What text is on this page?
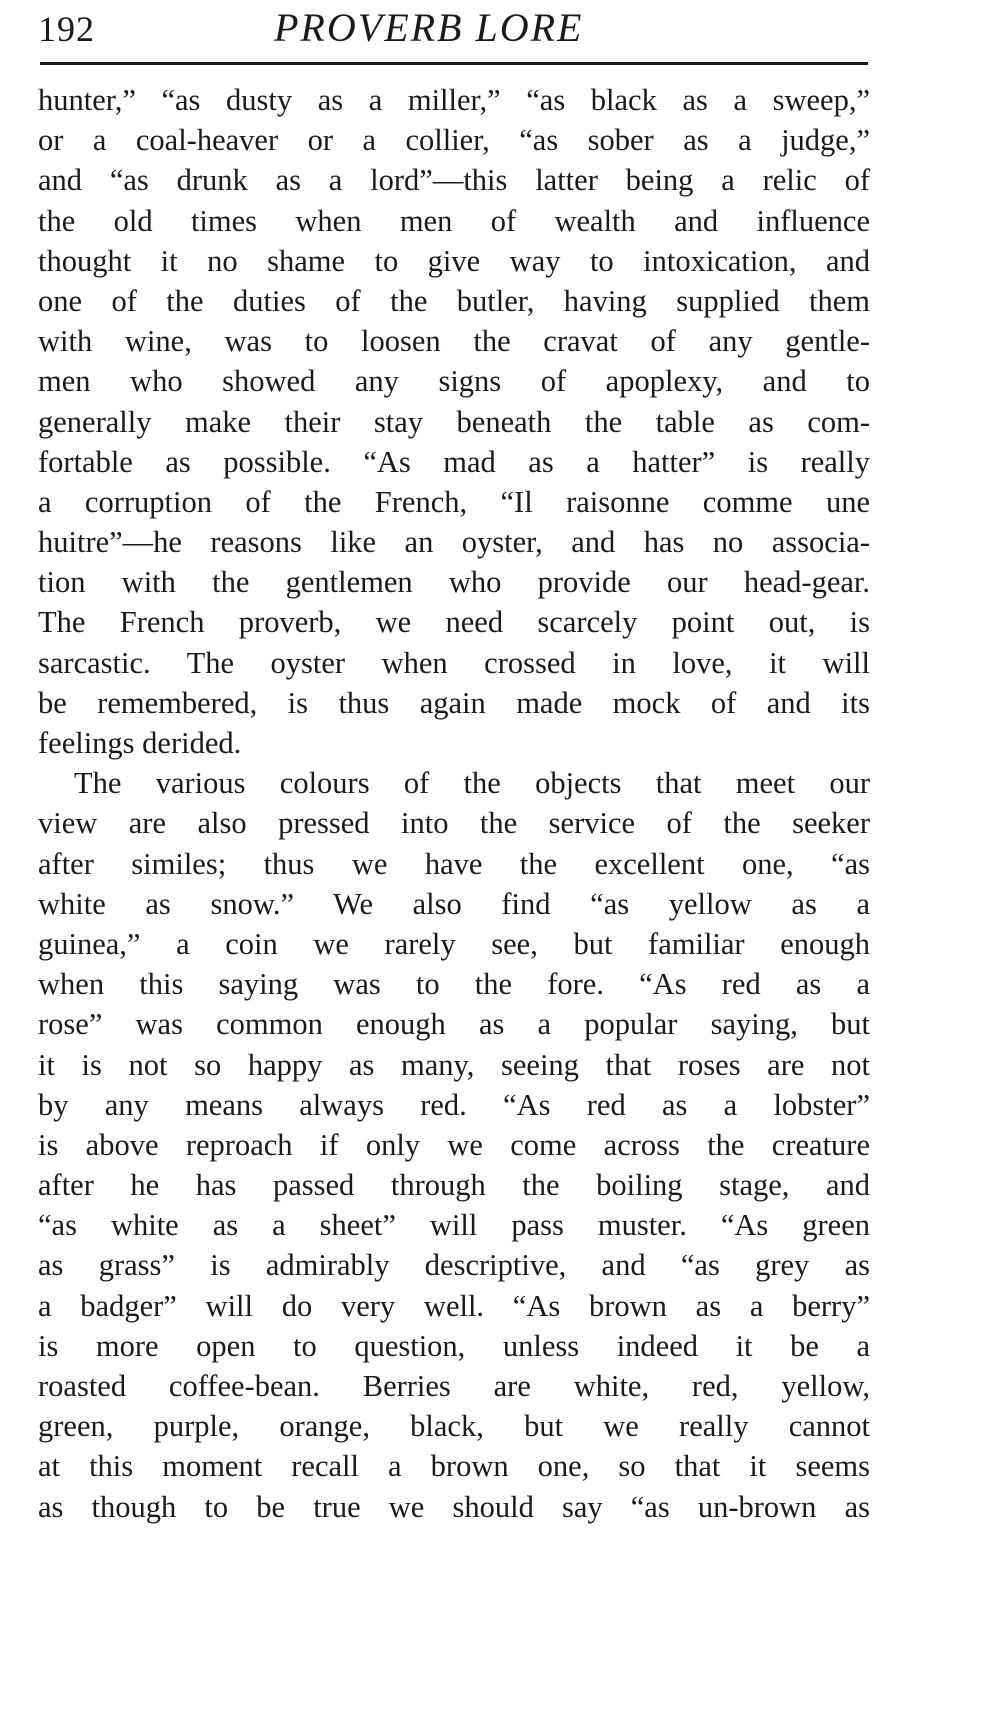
192	PROVERB LORE
hunter,” “as dusty as a miller,” “as black as a sweep,”
or a coal-heaver or a collier, “as sober as a judge,”
and “as drunk as a lord”—this latter being a relic of
the old times when men of wealth and influence
thought it no shame to give way to intoxication, and
one of the duties of the butler, having supplied them
with wine, was to loosen the cravat of any gentle-
men who showed any signs of apoplexy, and to
generally make their stay beneath the table as com-
fortable as possible. “As mad as a hatter” is really
a corruption of the French, “Il raisonne comme une
huitre”—he reasons like an oyster, and has no associa-
tion with the gentlemen who provide our head-gear.
The French proverb, we need scarcely point out, is
sarcastic. The oyster when crossed in love, it will
be remembered, is thus again made mock of and its
feelings derided.
The various colours of the objects that meet our
view are also pressed into the service of the seeker
after similes; thus we have the excellent one, “as
white as snow.” We also find “as yellow as a
guinea,” a coin we rarely see, but familiar enough
when this saying was to the fore. “As red as a
rose” was common enough as a popular saying, but
it is not so happy as many, seeing that roses are not
by any means always red. “As red as a lobster”
is above reproach if only we come across the creature
after he has passed through the boiling stage, and
“as white as a sheet” will pass muster. “As green
as grass” is admirably descriptive, and “as grey as
a badger” will do very well. “As brown as a berry”
is more open to question, unless indeed it be a
roasted coffee-bean. Berries are white, red, yellow,
green, purple, orange, black, but we really cannot
at this moment recall a brown one, so that it seems
as though to be true we should say “as un-brown as
